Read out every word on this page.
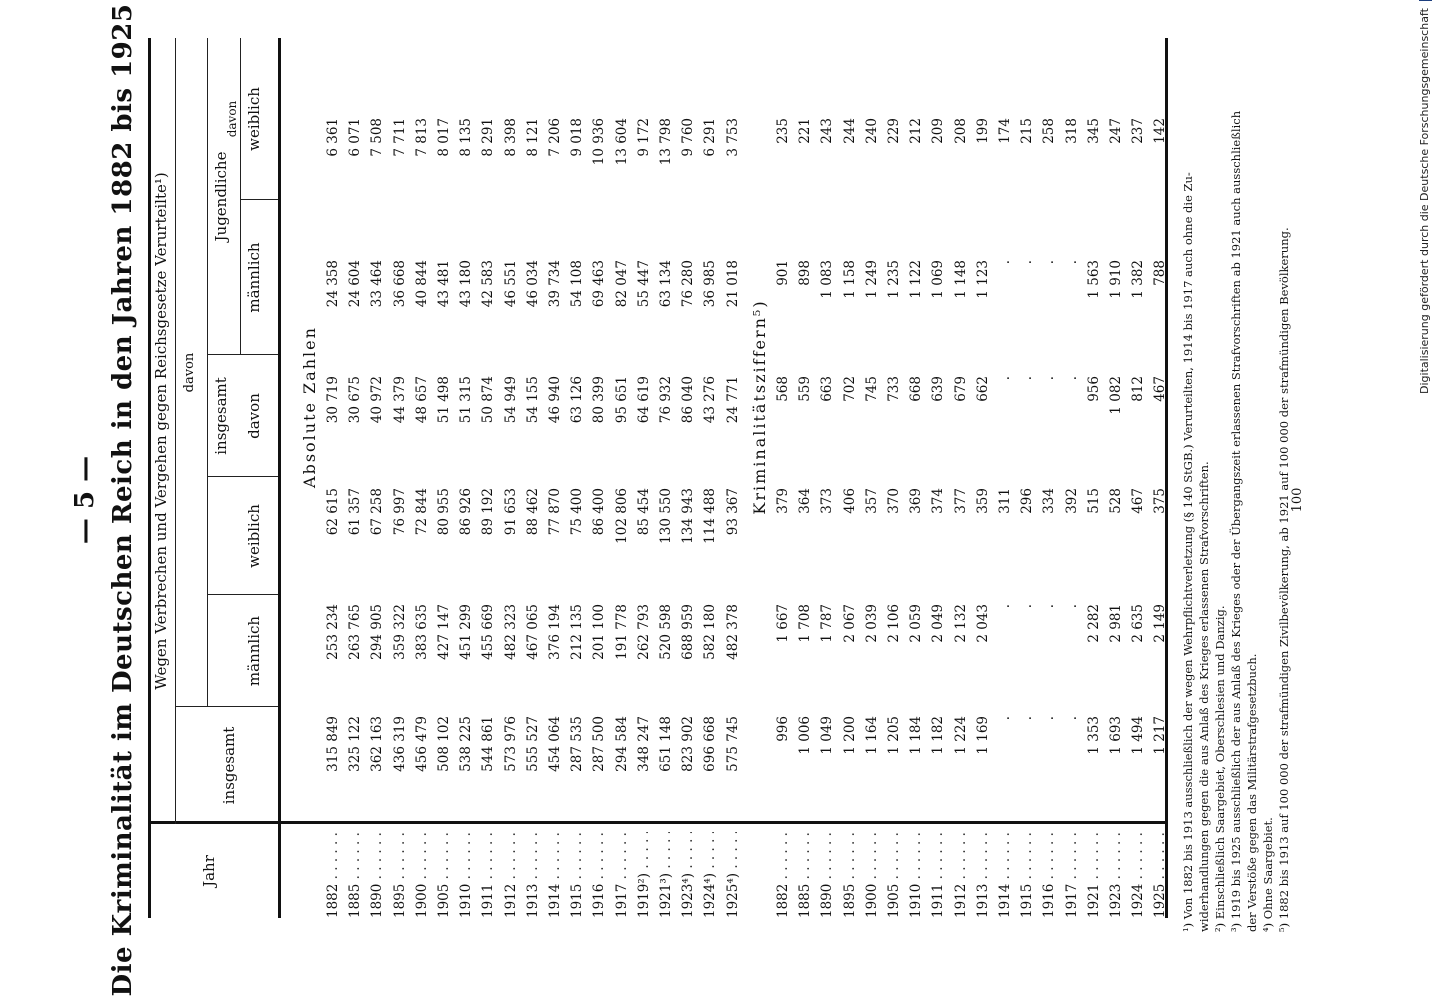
— 5 — Die Kriminalität im Deutschen Reich in den Jahren 1882 bis 1925	Jahr
Wegen Verbrechen und Vergehen gegen Reichsgesetze Verurteilte¹)
insgesamt
davon
männlich
weiblich
davon
Jugendliche
insgesamt
männlich
weiblich
davon
Absolute Zahlen
1882 . . .
315 849
253 234
62 615
30 719
24 358
6 361
1885 . . .
325 122
263 765
61 357
30 675
24 604
6 071
1890 . . .
362 163
294 905
67 258
40 972
33 464
7 508
1895 . . .
436 319
359 322
76 997
44 379
36 668
7 711
1900 . . .
456 479
383 635
72 844
48 657
40 844
7 813
1905 . . .
508 102
427 147
80 955
51 498
43 481
8 017
1910 . . .
538 225
451 299
86 926
51 315
43 180
8 135
1911 . . .
544 861
455 669
89 192
50 874
42 583
8 291
1912 . . .
573 976
482 323
91 653
54 949
46 551
8 398
1913 . . .
555 527
467 065
88 462
54 155
46 034
8 121
1914 . . .
454 064
376 194
77 870
46 940
39 734
7 206
1915 . . .
287 535
212 135
75 400
63 126
54 108
9 018
1916 . . .
287 500
201 100
86 400
80 399
69 463
10 936
1917 . . .
294 584
191 778
102 806
95 651
82 047
13 604
1919²) . . .
348 247
262 793
85 454
64 619
55 447
9 172
1921³) . . .
651 148
520 598
130 550
76 932
63 134
13 798
1923⁴) . . .
823 902
688 959
134 943
86 040
76 280
9 760
1924⁴) . . .
696 668
582 180
114 488
43 276
36 985
6 291
1925⁴) . . .
575 745
482 378
93 367
24 771
21 018
3 753
Kriminalitätsziffern⁵)
1882 . . .
996
1 667
379
568
901
235
1885 . . .
1 006
1 708
364
559
898
221
1890 . . .
1 049
1 787
373
663
1 083
243
1895 . . .
1 200
2 067
406
702
1 158
244
1900 . . .
1 164
2 039
357
745
1 249
240
1905 . . .
1 205
2 106
370
733
1 235
229
1910 . . .
1 184
2 059
369
668
1 122
212
1911 . . .
1 182
2 049
374
639
1 069
209
1912 . . .
1 224
2 132
377
679
1 148
208
1913 . . .
1 169
2 043
359
662
1 123
199
1914 . . .
.
.
311
.
.
174
1915 . . .
.
.
296
.
.
215
1916 . . .
.
.
334
.
.
258
1917 . . .
.
.
392
.
.
318
1921 . . .
1 353
2 282
515
956
1 563
345
1923 . . .
1 693
2 981
528
1 082
1 910
247
1924 . . .
1 494
2 635
467
812
1 382
237
1925 . . .
1 217
2 149
375
467
788
142
¹) Von 1882 bis 1913 ausschließlich der wegen Wehrpflichtverletzung (§ 140 StGB.) Verurteilten, 1914 bis 1917 auch ohne die Zu- widerhandlungen gegen die aus Anlaß des Krieges erlassenen Strafvorschriften. ²) Einschließlich Saargebiet, Oberschlesien und Danzig. ³) 1919 bis 1925 ausschließlich der aus Anlaß des Krieges oder der Übergangszeit erlassenen Strafvorschriften ab 1921 auch ausschließlich der Verstöße gegen das Militärstrafgesetzbuch. ⁴) Ohne Saargebiet. ⁵) 1882 bis 1913 auf 100 000 der strafmündigen Zivilbevölkerung, ab 1921 auf 100 000 der strafmündigen Bevölkerung. 100
Digitalisierung gefördert durch die Deutsche Forschungsgemeinschaft
